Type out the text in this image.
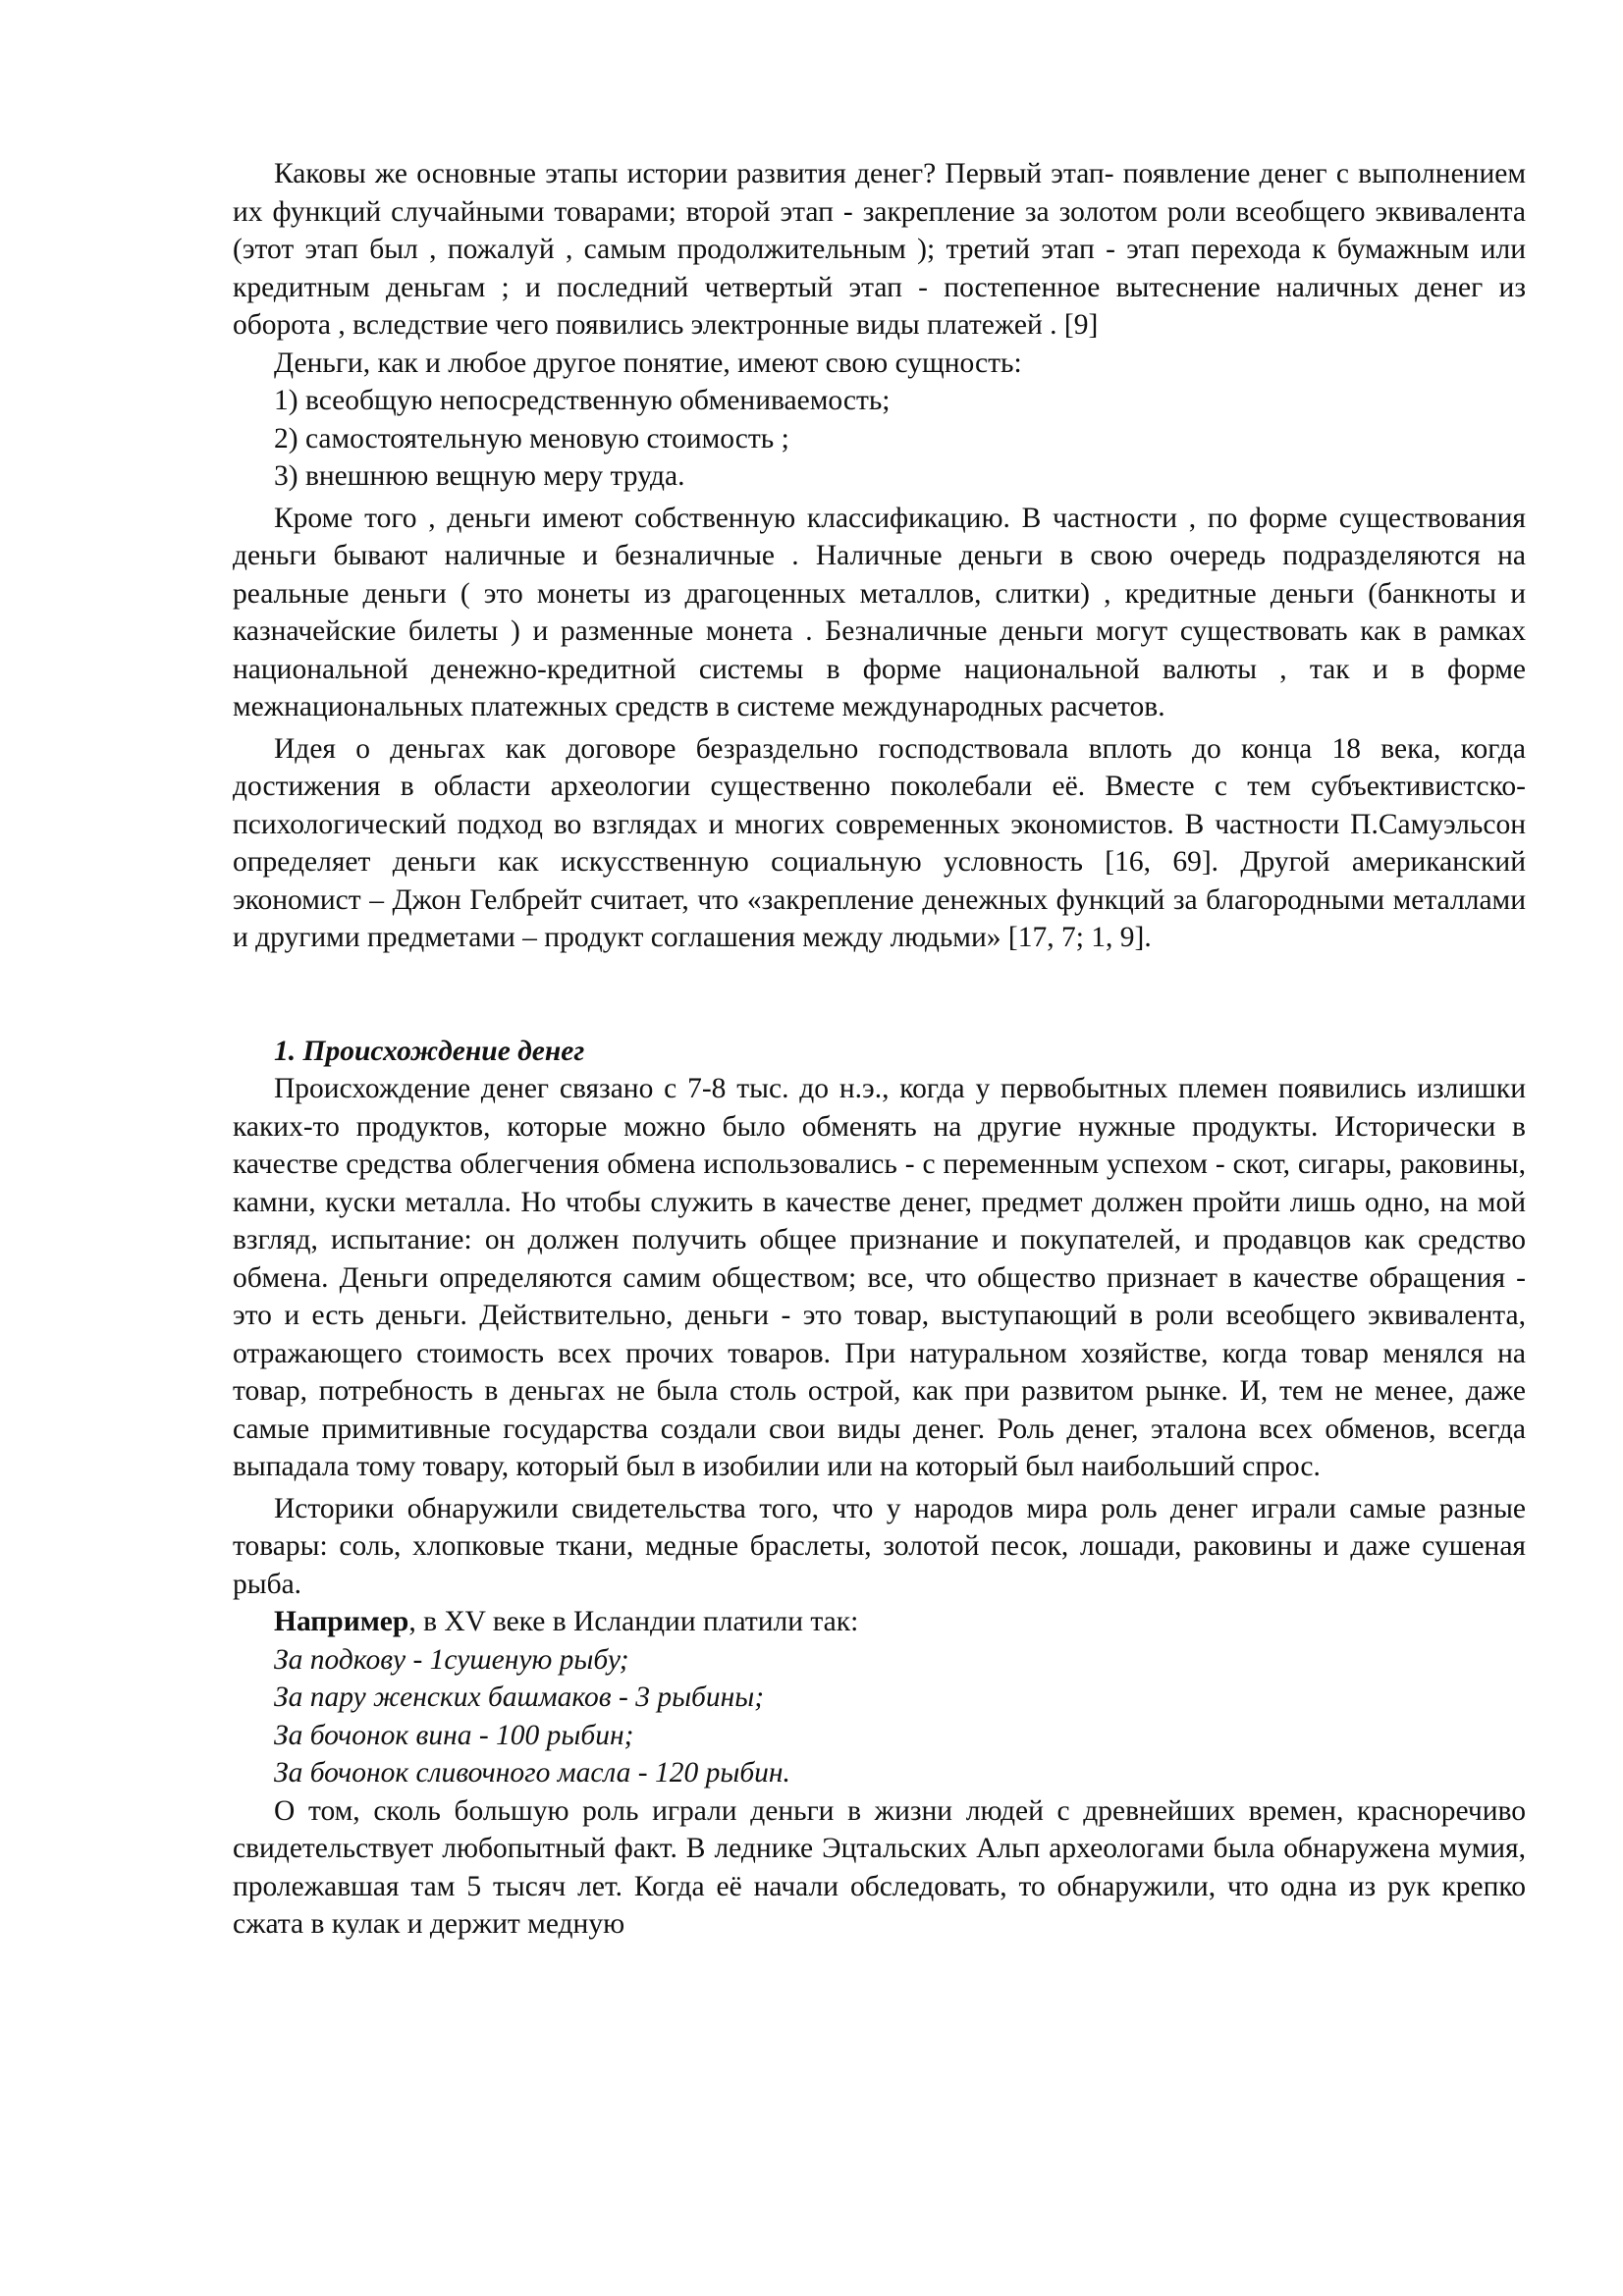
Каковы же основные этапы истории развития денег? Первый этап- появление денег с выполнением их функций случайными товарами; второй этап - закрепление за золотом роли всеобщего эквивалента (этот этап был , пожалуй , самым продолжительным ); третий этап - этап перехода к бумажным или кредитным деньгам ; и последний четвертый этап - постепенное вытеснение наличных денег из оборота , вследствие чего появились электронные виды платежей . [9]

Деньги, как и любое другое понятие, имеют свою сущность:

1) всеобщую непосредственную обмениваемость;

2) самостоятельную меновую стоимость ;

3) внешнюю вещную меру труда.

Кроме того , деньги имеют собственную классификацию. В частности , по форме существования деньги бывают наличные и безналичные . Наличные деньги в свою очередь подразделяются на реальные деньги ( это монеты из драгоценных металлов, слитки) , кредитные деньги (банкноты и казначейские билеты ) и разменные монета . Безналичные деньги могут существовать как в рамках национальной денежно-кредитной системы в форме национальной валюты , так и в форме межнациональных платежных средств в системе международных расчетов.

Идея о деньгах как договоре безраздельно господствовала вплоть до конца 18 века, когда достижения в области археологии существенно поколебали её. Вместе с тем субъективистско-психологический подход во взглядах и многих современных экономистов. В частности П.Самуэльсон определяет деньги как искусственную социальную условность [16, 69]. Другой американский экономист – Джон Гелбрейт считает, что «закрепление денежных функций за благородными металлами и другими предметами – продукт соглашения между людьми» [17, 7; 1, 9].

1. Происхождение денег

Происхождение денег связано с 7-8 тыс. до н.э., когда у первобытных племен появились излишки каких-то продуктов, которые можно было обменять на другие нужные продукты. Исторически в качестве средства облегчения обмена использовались - с переменным успехом - скот, сигары, раковины, камни, куски металла. Но чтобы служить в качестве денег, предмет должен пройти лишь одно, на мой взгляд, испытание: он должен получить общее признание и покупателей, и продавцов как средство обмена. Деньги определяются самим обществом; все, что общество признает в качестве обращения - это и есть деньги. Действительно, деньги - это товар, выступающий в роли всеобщего эквивалента, отражающего стоимость всех прочих товаров. При натуральном хозяйстве, когда товар менялся на товар, потребность в деньгах не была столь острой, как при развитом рынке. И, тем не менее, даже самые примитивные государства создали свои виды денег. Роль денег, эталона всех обменов, всегда выпадала тому товару, который был в изобилии или на который был наибольший спрос.

Историки обнаружили свидетельства того, что у народов мира роль денег играли самые разные товары: соль, хлопковые ткани, медные браслеты, золотой песок, лошади, раковины и даже сушеная рыба.

Например, в XV веке в Исландии платили так:

За подкову - 1сушеную рыбу;

За пару женских башмаков - 3 рыбины;

За бочонок вина - 100 рыбин;

За бочонок сливочного масла - 120 рыбин.

О том, сколь большую роль играли деньги в жизни людей с древнейших времен, красноречиво свидетельствует любопытный факт. В леднике Эцтальских Альп археологами была обнаружена мумия, пролежавшая там 5 тысяч лет. Когда её начали обследовать, то обнаружили, что одна из рук крепко сжата в кулак и держит медную
